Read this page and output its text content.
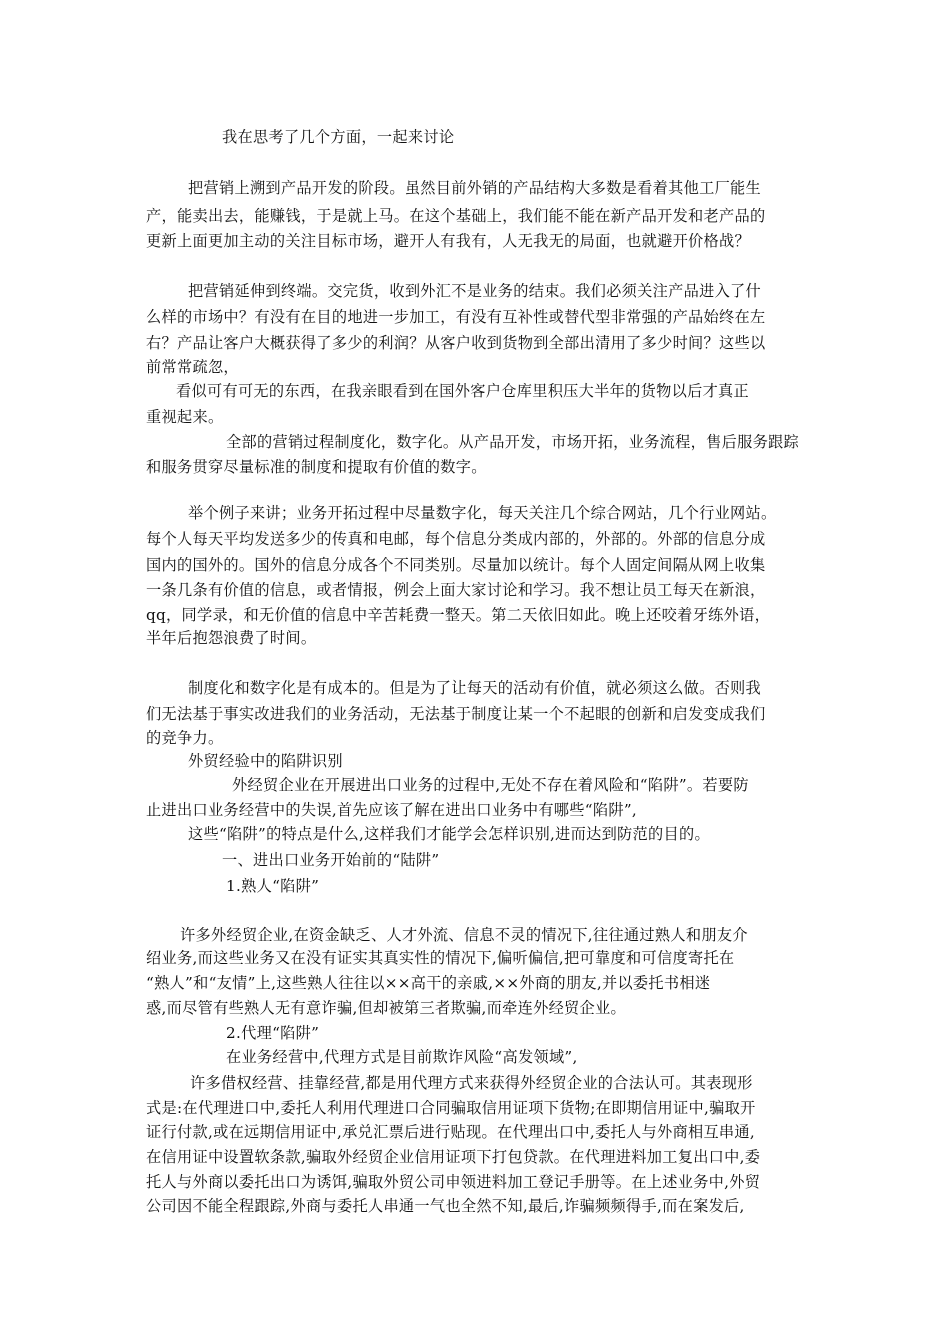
我在思考了几个方面，一起来讨论
把营销上溯到产品开发的阶段。虽然目前外销的产品结构大多数是看着其他工厂能生
产，能卖出去，能赚钱，于是就上马。在这个基础上，我们能不能在新产品开发和老产品的
更新上面更加主动的关注目标市场，避开人有我有，人无我无的局面，也就避开价格战？
把营销延伸到终端。交完货，收到外汇不是业务的结束。我们必须关注产品进入了什
么样的市场中？有没有在目的地进一步加工，有没有互补性或替代型非常强的产品始终在左
右？产品让客户大概获得了多少的利润？从客户收到货物到全部出清用了多少时间？这些以
前常常疏忽，
看似可有可无的东西，在我亲眼看到在国外客户仓库里积压大半年的货物以后才真正
重视起来。
全部的营销过程制度化，数字化。从产品开发，市场开拓，业务流程，售后服务跟踪
和服务贯穿尽量标准的制度和提取有价值的数字。
举个例子来讲；业务开拓过程中尽量数字化，每天关注几个综合网站，几个行业网站。
每个人每天平均发送多少的传真和电邮，每个信息分类成内部的，外部的。外部的信息分成
国内的国外的。国外的信息分成各个不同类别。尽量加以统计。每个人固定间隔从网上收集
一条几条有价值的信息，或者情报，例会上面大家讨论和学习。我不想让员工每天在新浪，
qq，同学录，和无价值的信息中辛苦耗费一整天。第二天依旧如此。晚上还咬着牙练外语，
半年后抱怨浪费了时间。
制度化和数字化是有成本的。但是为了让每天的活动有价值，就必须这么做。否则我
们无法基于事实改进我们的业务活动，无法基于制度让某一个不起眼的创新和启发变成我们
的竞争力。
外贸经验中的陷阱识别
外经贸企业在开展进出口业务的过程中,无处不存在着风险和“陷阱”。若要防
止进出口业务经营中的失误,首先应该了解在进出口业务中有哪些“陷阱”,
这些“陷阱”的特点是什么,这样我们才能学会怎样识别,进而达到防范的目的。
一、进出口业务开始前的“陆阱”
1.熟人“陷阱”
许多外经贸企业,在资金缺乏、人才外流、信息不灵的情况下,往往通过熟人和朋友介
绍业务,而这些业务又在没有证实其真实性的情况下,偏听偏信,把可靠度和可信度寄托在
“熟人”和“友情”上,这些熟人往往以××高干的亲戚,××外商的朋友,并以委托书相迷
惑,而尽管有些熟人无有意诈骗,但却被第三者欺骗,而牵连外经贸企业。
2.代理“陷阱”
在业务经营中,代理方式是目前欺诈风险“高发领域”,
许多借权经营、挂靠经营,都是用代理方式来获得外经贸企业的合法认可。其表现形
式是:在代理进口中,委托人利用代理进口合同骗取信用证项下货物;在即期信用证中,骗取开
证行付款,或在远期信用证中,承兑汇票后进行贴现。在代理出口中,委托人与外商相互串通,
在信用证中设置软条款,骗取外经贸企业信用证项下打包贷款。在代理进料加工复出口中,委
托人与外商以委托出口为诱饵,骗取外贸公司申领进料加工登记手册等。在上述业务中,外贸
公司因不能全程跟踪,外商与委托人串通一气也全然不知,最后,诈骗频频得手,而在案发后,
